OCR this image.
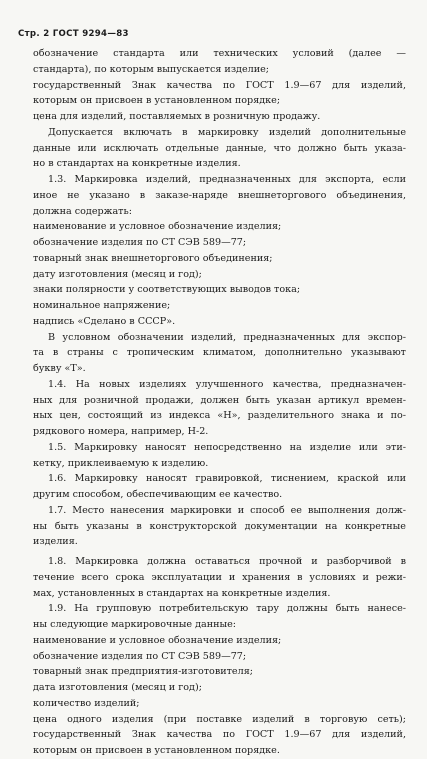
Стр. 2 ГОСТ 9294—83
обозначение стандарта или технических условий (далее —
стандарта), по которым выпускается изделие;
государственный Знак качества по ГОСТ 1.9—67 для изделий,
которым он присвоен в установленном порядке;
цена для изделий, поставляемых в розничную продажу.
Допускается включать в маркировку изделий дополнительные
данные или исключать отдельные данные, что должно быть указа-
но в стандартах на конкретные изделия.
1.3. Маркировка изделий, предназначенных для экспорта, если
иное не указано в заказе-наряде внешнеторгового объединения,
должна содержать:
наименование и условное обозначение изделия;
обозначение изделия по СТ СЭВ 589—77;
товарный знак внешнеторгового объединения;
дату изготовления (месяц и год);
знаки полярности у соответствующих выводов тока;
номинальное напряжение;
надпись «Сделано в СССР».
В условном обозначении изделий, предназначенных для экспор-
та в страны с тропическим климатом, дополнительно указывают
букву «Т».
1.4. На новых изделиях улучшенного качества, предназначен-
ных для розничной продажи, должен быть указан артикул времен-
ных цен, состоящий из индекса «Н», разделительного знака и по-
рядкового номера, например, Н-2.
1.5. Маркировку наносят непосредственно на изделие или эти-
кетку, приклеиваемую к изделию.
1.6. Маркировку наносят гравировкой, тиснением, краской или
другим способом, обеспечивающим ее качество.
1.7. Место нанесения маркировки и способ ее выполнения долж-
ны быть указаны в конструкторской документации на конкретные
изделия.
1.8. Маркировка должна оставаться прочной и разборчивой в
течение всего срока эксплуатации и хранения в условиях и режи-
мах, установленных в стандартах на конкретные изделия.
1.9. На групповую потребительскую тару должны быть нанесе-
ны следующие маркировочные данные:
наименование и условное обозначение изделия;
обозначение изделия по СТ СЭВ 589—77;
товарный знак предприятия-изготовителя;
дата изготовления (месяц и год);
количество изделий;
цена одного изделия (при поставке изделий в торговую сеть);
государственный Знак качества по ГОСТ 1.9—67 для изделий,
которым он присвоен в установленном порядке.
